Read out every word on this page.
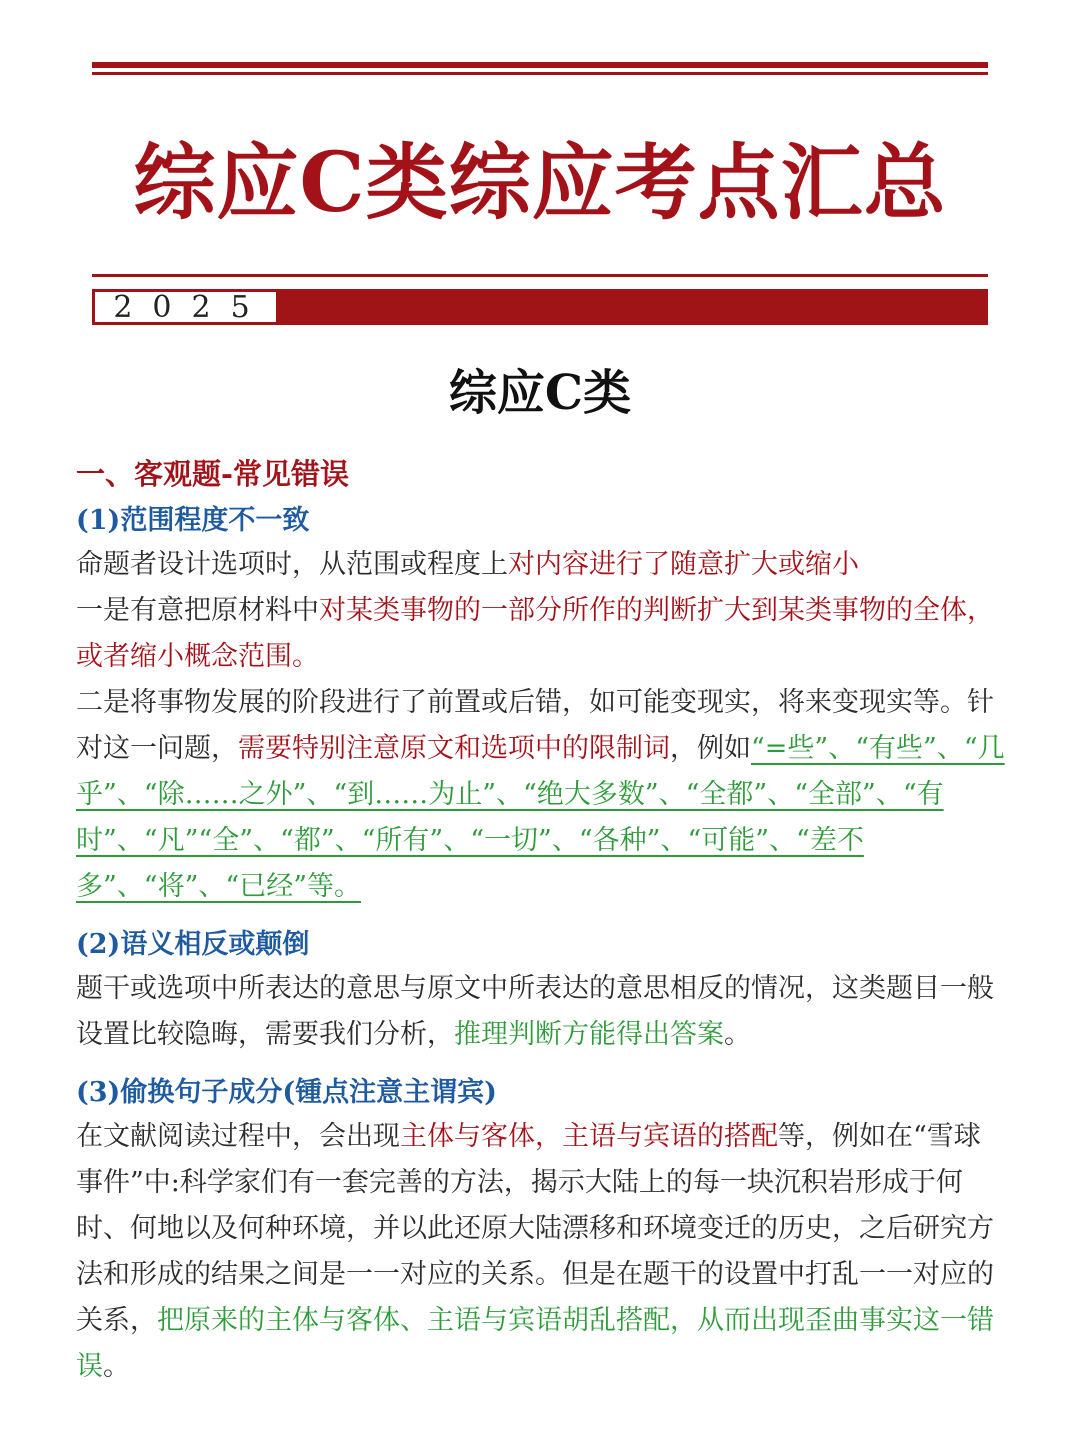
综应C类综应考点汇总
2025
综应C类
一、客观题-常见错误
(1)范围程度不一致

命题者设计选项时，从范围或程度上对内容进行了随意扩大或缩小

一是有意把原材料中对某类事物的一部分所作的判断扩大到某类事物的全体，或者缩小概念范围。

二是将事物发展的阶段进行了前置或后错，如可能变现实，将来变现实等。针对这一问题，需要特别注意原文和选项中的限制词，例如“=些”、“有些”、“几乎”、“除……之外”、“到……为止”、“绝大多数”、“全都”、“全部”、“有时”、“凡”“全”、“都”、“所有”、“一切”、“各种”、“可能”、“差不多”、“将”、“已经”等。

(2)语义相反或颠倒

题干或选项中所表达的意思与原文中所表达的意思相反的情况，这类题目一般设置比较隐晦，需要我们分析，推理判断方能得出答案。

(3)偷换句子成分(锺点注意主谓宾)

在文献阅读过程中，会出现主体与客体，主语与宾语的搭配等，例如在“雪球事件”中:科学家们有一套完善的方法，揭示大陆上的每一块沉积岩形成于何时、何地以及何种环境，并以此还原大陆漂移和环境变迁的历史，之后研究方法和形成的结果之间是一一对应的关系。但是在题干的设置中打乱一一对应的关系，把原来的主体与客体、主语与宾语胡乱搭配，从而出现歪曲事实这一错误。
